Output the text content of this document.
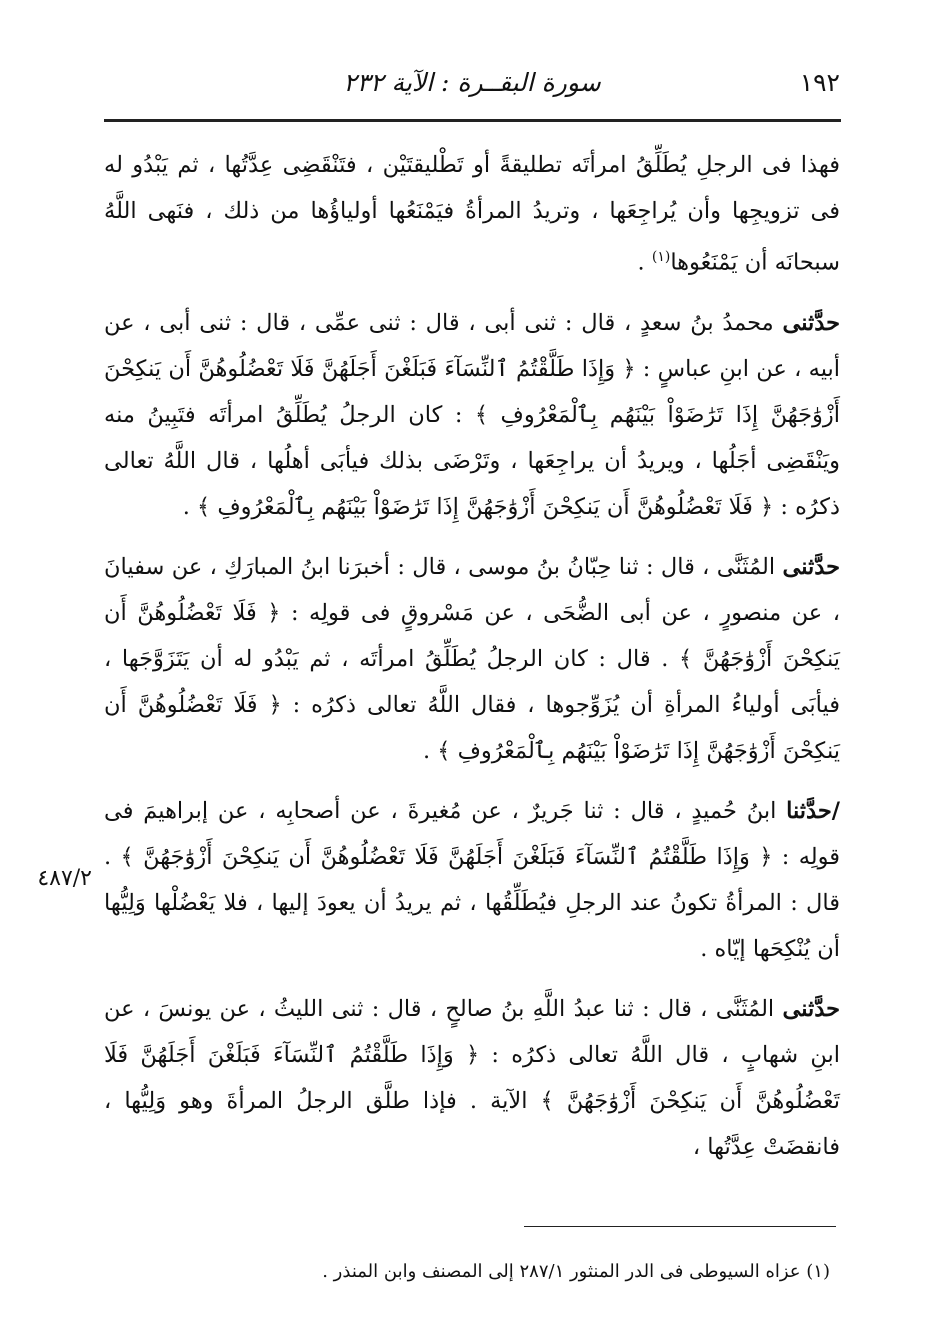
١٩٢
سورة البقــرة : الآية ٢٣٢
٤٨٧/٢

فهذا فى الرجلِ يُطَلِّقُ امرأتَه تطليقةً أو تَطْليقتَيْن ، فتَنْقَضِى عِدَّتُها ، ثم يَبْدُو له فى تزويجِها وأن يُراجِعَها ، وتريدُ المرأةُ فيَمْنَعُها أولياؤُها من ذلك ، فنَهى اللَّهُ سبحانَه أن يَمْنَعُوها$^{(١)}$ .

حدَّثنى محمدُ بنُ سعدٍ ، قال : ثنى أبى ، قال : ثنى عمِّى ، قال : ثنى أبى ، عن أبيه ، عن ابنِ عباسٍ : ﴿ وَإِذَا طَلَّقْتُمُ ٱلنِّسَآءَ فَبَلَغْنَ أَجَلَهُنَّ فَلَا تَعْضُلُوهُنَّ أَن يَنكِحْنَ أَزْوَٰجَهُنَّ إِذَا تَرَٰضَوْاْ بَيْنَهُم بِٱلْمَعْرُوفِ ﴾ : كان الرجلُ يُطَلِّقُ امرأتَه فتَبِينُ منه ويَنْقَضِى أجَلُها ، ويريدُ أن يراجِعَها ، وتَرْضَى بذلك فيأبَى أهلُها ، قال اللَّهُ تعالى ذكرُه : ﴿ فَلَا تَعْضُلُوهُنَّ أَن يَنكِحْنَ أَزْوَٰجَهُنَّ إِذَا تَرَٰضَوْاْ بَيْنَهُم بِٱلْمَعْرُوفِ ﴾ .

حدَّثنى المُثَنَّى ، قال : ثنا حِبّانُ بنُ موسى ، قال : أخبرَنا ابنُ المبارَكِ ، عن سفيانَ ، عن منصورٍ ، عن أبى الضُّحَى ، عن مَسْروقٍ فى قولِه : ﴿ فَلَا تَعْضُلُوهُنَّ أَن يَنكِحْنَ أَزْوَٰجَهُنَّ ﴾ . قال : كان الرجلُ يُطَلِّقُ امرأتَه ، ثم يَبْدُو له أن يَتَزَوَّجَها ، فيأبَى أولياءُ المرأةِ أن يُزَوِّجوها ، فقال اللَّهُ تعالى ذكرُه : ﴿ فَلَا تَعْضُلُوهُنَّ أَن يَنكِحْنَ أَزْوَٰجَهُنَّ إِذَا تَرَٰضَوْاْ بَيْنَهُم بِٱلْمَعْرُوفِ ﴾ .

/حدَّثنا ابنُ حُميدٍ ، قال : ثنا جَريرٌ ، عن مُغيرةَ ، عن أصحابِه ، عن إبراهيمَ فى قولِه : ﴿ وَإِذَا طَلَّقْتُمُ ٱلنِّسَآءَ فَبَلَغْنَ أَجَلَهُنَّ فَلَا تَعْضُلُوهُنَّ أَن يَنكِحْنَ أَزْوَٰجَهُنَّ ﴾ . قال : المرأةُ تكونُ عند الرجلِ فيُطَلِّقُها ، ثم يريدُ أن يعودَ إليها ، فلا يَعْضُلْها وَلِيُّها أن يُنْكِحَها إيّاه .

حدَّثنى المُثَنَّى ، قال : ثنا عبدُ اللَّهِ بنُ صالحٍ ، قال : ثنى الليثُ ، عن يونسَ ، عن ابنِ شهابٍ ، قال اللَّهُ تعالى ذكرُه : ﴿ وَإِذَا طَلَّقْتُمُ ٱلنِّسَآءَ فَبَلَغْنَ أَجَلَهُنَّ فَلَا تَعْضُلُوهُنَّ أَن يَنكِحْنَ أَزْوَٰجَهُنَّ ﴾ الآية . فإذا طلَّق الرجلُ المرأةَ وهو وَلِيُّها ، فانقضَتْ عِدَّتُها ،

(١) عزاه السيوطى فى الدر المنثور ٢٨٧/١ إلى المصنف وابن المنذر .
